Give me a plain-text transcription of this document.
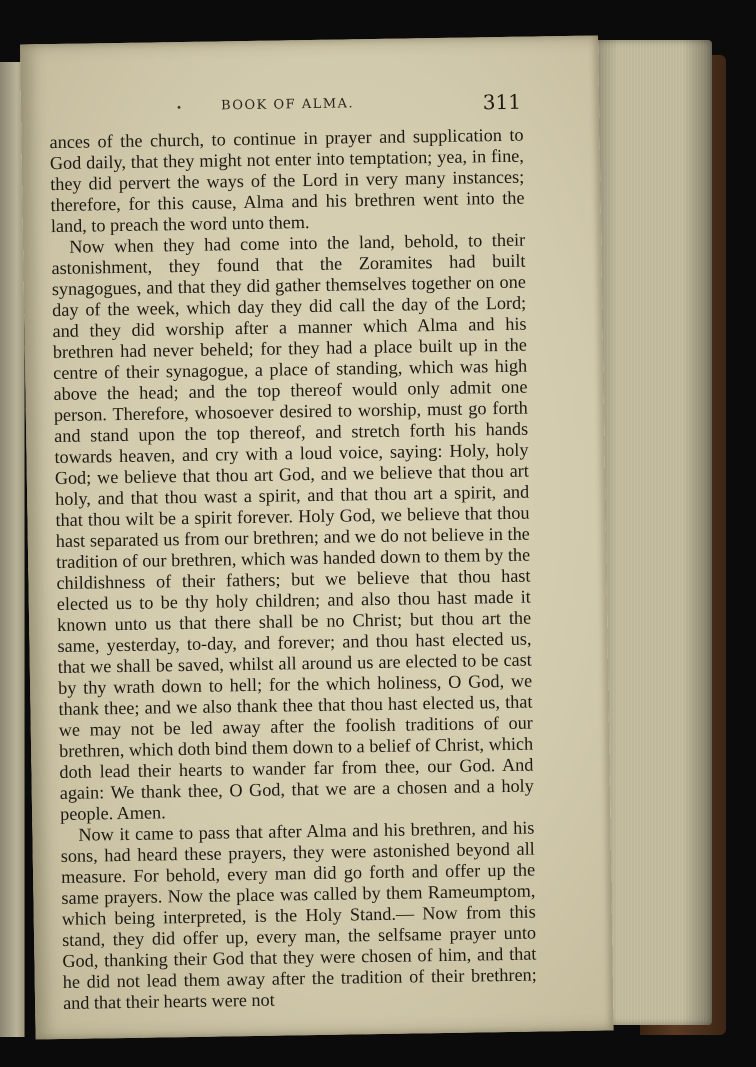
•	BOOK OF ALMA.	311

ances of the church, to continue in prayer and supplication to God daily, that they might not enter into temptation; yea, in fine, they did pervert the ways of the Lord in very many instances; therefore, for this cause, Alma and his brethren went into the land, to preach the word unto them.

Now when they had come into the land, behold, to their astonishment, they found that the Zoramites had built synagogues, and that they did gather themselves together on one day of the week, which day they did call the day of the Lord; and they did worship after a manner which Alma and his brethren had never beheld; for they had a place built up in the centre of their synagogue, a place of standing, which was high above the head; and the top thereof would only admit one person. Therefore, whosoever desired to worship, must go forth and stand upon the top thereof, and stretch forth his hands towards heaven, and cry with a loud voice, saying: Holy, holy God; we believe that thou art God, and we believe that thou art holy, and that thou wast a spirit, and that thou art a spirit, and that thou wilt be a spirit forever. Holy God, we believe that thou hast separated us from our brethren; and we do not believe in the tradition of our brethren, which was handed down to them by the childishness of their fathers; but we believe that thou hast elected us to be thy holy children; and also thou hast made it known unto us that there shall be no Christ; but thou art the same, yesterday, to-day, and forever; and thou hast elected us, that we shall be saved, whilst all around us are elected to be cast by thy wrath down to hell; for the which holiness, O God, we thank thee; and we also thank thee that thou hast elected us, that we may not be led away after the foolish traditions of our brethren, which doth bind them down to a belief of Christ, which doth lead their hearts to wander far from thee, our God. And again: We thank thee, O God, that we are a chosen and a holy people. Amen.

Now it came to pass that after Alma and his brethren, and his sons, had heard these prayers, they were astonished beyond all measure. For behold, every man did go forth and offer up the same prayers. Now the place was called by them Rameumptom, which being interpreted, is the Holy Stand.— Now from this stand, they did offer up, every man, the selfsame prayer unto God, thanking their God that they were chosen of him, and that he did not lead them away after the tradition of their brethren; and that their hearts were not
